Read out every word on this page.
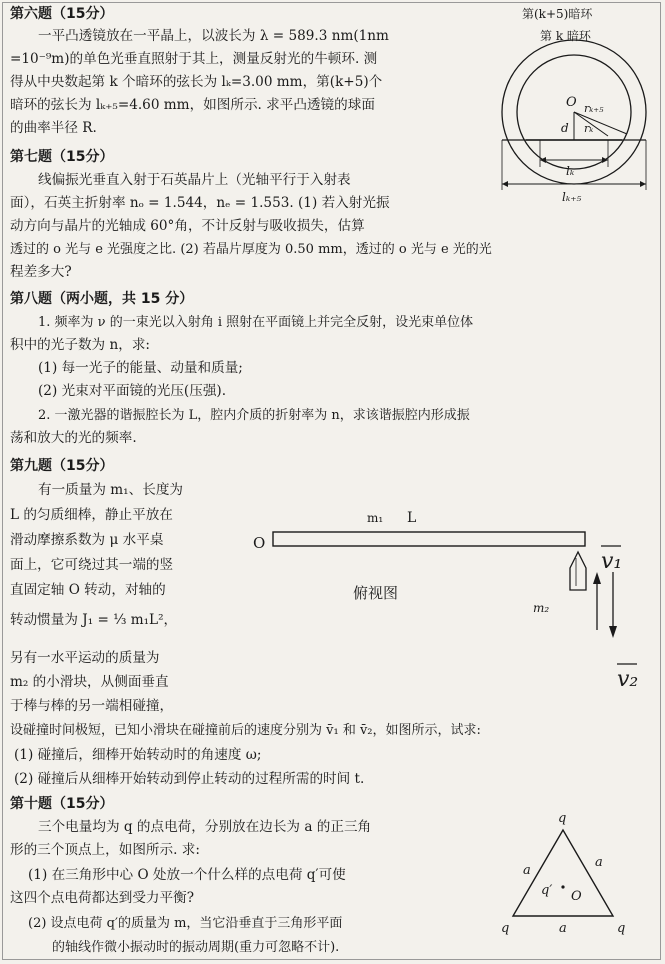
第六题（15分）
一平凸透镜放在一平晶上，以波长为 λ = 589.3 nm(1nm
=10⁻⁹m)的单色光垂直照射于其上，测量反射光的牛顿环. 测
得从中央数起第 k 个暗环的弦长为 lₖ=3.00 mm，第(k+5)个
暗环的弦长为 lₖ₊₅=4.60 mm，如图所示. 求平凸透镜的球面
的曲率半径 R.
第(k+5)暗环
第 k 暗环
O rₖ₊₅
rₖ
d
lₖ
lₖ₊₅
第七题（15分）
线偏振光垂直入射于石英晶片上（光轴平行于入射表
面），石英主折射率 nₒ = 1.544，nₑ = 1.553. (1) 若入射光振
动方向与晶片的光轴成 60°角，不计反射与吸收损失，估算
透过的 o 光与 e 光强度之比. (2) 若晶片厚度为 0.50 mm，透过的 o 光与 e 光的光
程差多大?
第八题（两小题，共 15 分）
1. 频率为 ν 的一束光以入射角 i 照射在平面镜上并完全反射，设光束单位体
积中的光子数为 n，求:
(1) 每一光子的能量、动量和质量;
(2) 光束对平面镜的光压(压强).
2. 一激光器的谐振腔长为 L，腔内介质的折射率为 n，求该谐振腔内形成振
荡和放大的光的频率.
第九题（15分）
有一质量为 m₁、长度为
L 的匀质细棒，静止平放在
滑动摩擦系数为 μ 水平桌
面上，它可绕过其一端的竖
直固定轴 O 转动，对轴的
转动惯量为 J₁ = ⅓ m₁L²，
另有一水平运动的质量为
m₂ 的小滑块，从侧面垂直
于棒与棒的另一端相碰撞，
设碰撞时间极短，已知小滑块在碰撞前后的速度分别为 v̄₁ 和 v̄₂，如图所示，试求:
(1) 碰撞后，细棒开始转动时的角速度 ω;
(2) 碰撞后从细棒开始转动到停止转动的过程所需的时间 t.
O
m₁ L
俯视图
m₂
v₁
v₂
第十题（15分）
三个电量均为 q 的点电荷，分别放在边长为 a 的正三角
形的三个顶点上，如图所示. 求:
(1) 在三角形中心 O 处放一个什么样的点电荷 q′可使
这四个点电荷都达到受力平衡?
(2) 设点电荷 q′的质量为 m，当它沿垂直于三角形平面
的轴线作微小振动时的振动周期(重力可忽略不计).
q
q	q
a
a
a
q′ O
